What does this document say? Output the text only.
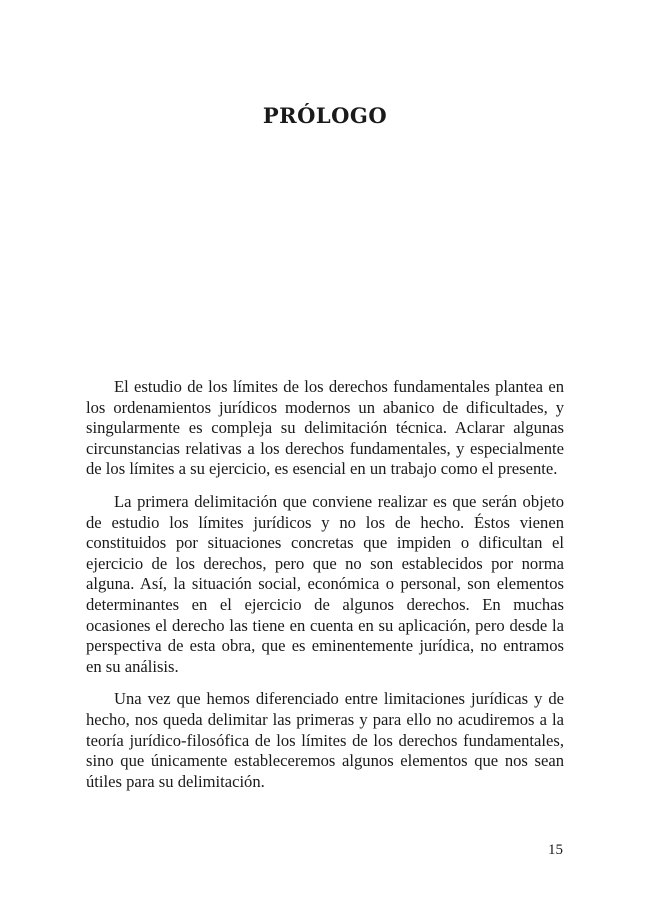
PRÓLOGO

El estudio de los límites de los derechos fundamentales plantea en los ordenamientos jurídicos modernos un abanico de dificultades, y singularmente es compleja su delimitación técnica. Aclarar algunas circunstancias relativas a los derechos fundamentales, y especialmente de los límites a su ejercicio, es esencial en un trabajo como el presente.

La primera delimitación que conviene realizar es que serán objeto de estudio los límites jurídicos y no los de hecho. Éstos vienen constituidos por situaciones concretas que impiden o dificultan el ejercicio de los derechos, pero que no son establecidos por norma alguna. Así, la situación social, económica o personal, son elementos determinantes en el ejercicio de algunos derechos. En muchas ocasiones el derecho las tiene en cuenta en su aplicación, pero desde la perspectiva de esta obra, que es eminentemente jurídica, no entramos en su análisis.

Una vez que hemos diferenciado entre limitaciones jurídicas y de hecho, nos queda delimitar las primeras y para ello no acudiremos a la teoría jurídico-filosófica de los límites de los derechos fundamentales, sino que únicamente estableceremos algunos elementos que nos sean útiles para su delimitación.

15
